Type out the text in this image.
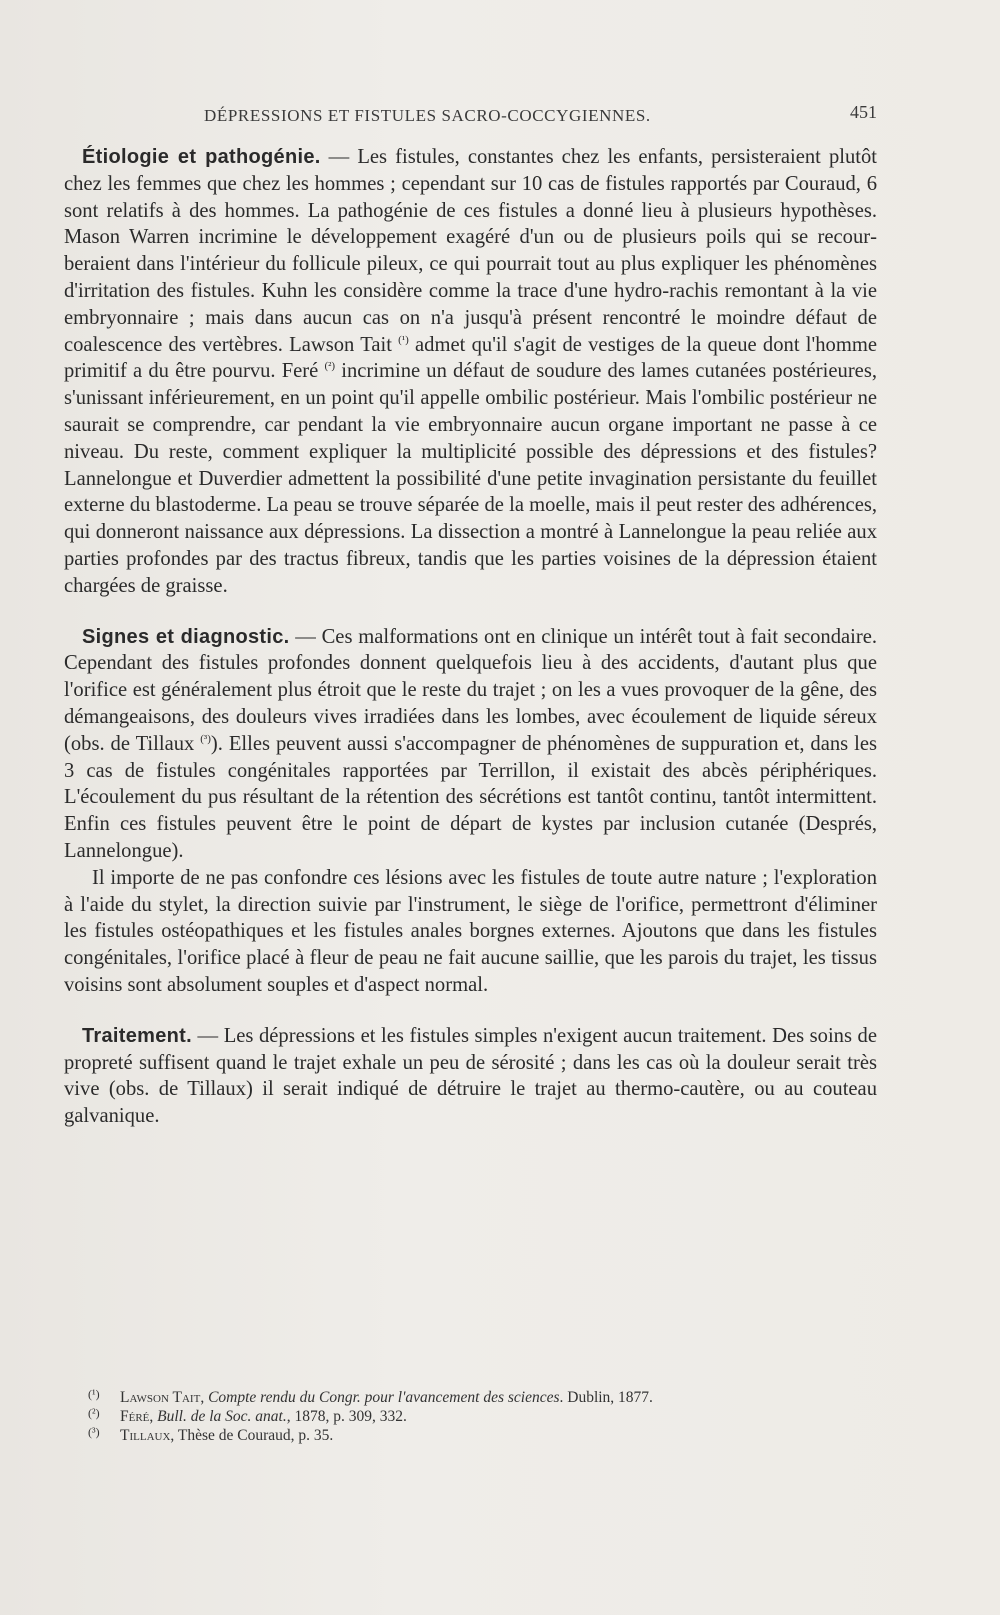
DÉPRESSIONS ET FISTULES SACRO-COCCYGIENNES.	451

Étiologie et pathogénie. — Les fistules, constantes chez les enfants, persisteraient plutôt chez les femmes que chez les hommes ; cependant sur 10 cas de fistules rapportés par Couraud, 6 sont relatifs à des hommes. La pathogénie de ces fistules a donné lieu à plusieurs hypothèses. Mason Warren incrimine le développement exagéré d'un ou de plusieurs poils qui se recourberaient dans l'intérieur du follicule pileux, ce qui pourrait tout au plus expliquer les phénomènes d'irritation des fistules. Kuhn les considère comme la trace d'une hydro-rachis remontant à la vie embryonnaire ; mais dans aucun cas on n'a jusqu'à présent rencontré le moindre défaut de coalescence des vertèbres. Lawson Tait $^{(^1)}$ admet qu'il s'agit de vestiges de la queue dont l'homme primitif a du être pourvu. Feré $^{(^2)}$ incrimine un défaut de soudure des lames cutanées postérieures, s'unissant inférieurement, en un point qu'il appelle ombilic postérieur. Mais l'ombilic postérieur ne saurait se comprendre, car pendant la vie embryonnaire aucun organe important ne passe à ce niveau. Du reste, comment expliquer la multiplicité possible des dépressions et des fistules? Lannelongue et Duverdier admettent la possibilité d'une petite invagination persistante du feuillet externe du blastoderme. La peau se trouve séparée de la moelle, mais il peut rester des adhérences, qui donneront naissance aux dépressions. La dissection a montré à Lannelongue la peau reliée aux parties profondes par des tractus fibreux, tandis que les parties voisines de la dépression étaient chargées de graisse.

Signes et diagnostic. — Ces malformations ont en clinique un intérêt tout à fait secondaire. Cependant des fistules profondes donnent quelquefois lieu à des accidents, d'autant plus que l'orifice est généralement plus étroit que le reste du trajet ; on les a vues provoquer de la gêne, des démangeaisons, des douleurs vives irradiées dans les lombes, avec écoulement de liquide séreux (obs. de Tillaux $^{(^3)}$). Elles peuvent aussi s'accompagner de phénomènes de suppuration et, dans les 3 cas de fistules congénitales rapportées par Terrillon, il existait des abcès périphériques. L'écoulement du pus résultant de la rétention des sécrétions est tantôt continu, tantôt intermittent. Enfin ces fistules peuvent être le point de départ de kystes par inclusion cutanée (Després, Lannelongue).

Il importe de ne pas confondre ces lésions avec les fistules de toute autre nature ; l'exploration à l'aide du stylet, la direction suivie par l'instrument, le siège de l'orifice, permettront d'éliminer les fistules ostéopathiques et les fistules anales borgnes externes. Ajoutons que dans les fistules congénitales, l'orifice placé à fleur de peau ne fait aucune saillie, que les parois du trajet, les tissus voisins sont absolument souples et d'aspect normal.

Traitement. — Les dépressions et les fistules simples n'exigent aucun traitement. Des soins de propreté suffisent quand le trajet exhale un peu de sérosité ; dans les cas où la douleur serait très vive (obs. de Tillaux) il serait indiqué de détruire le trajet au thermo-cautère, ou au couteau galvanique.

(¹) Lawson Tait, Compte rendu du Congr. pour l'avancement des sciences. Dublin, 1877.
(²) Féré, Bull. de la Soc. anat., 1878, p. 309, 332.
(³) Tillaux, Thèse de Couraud, p. 35.
